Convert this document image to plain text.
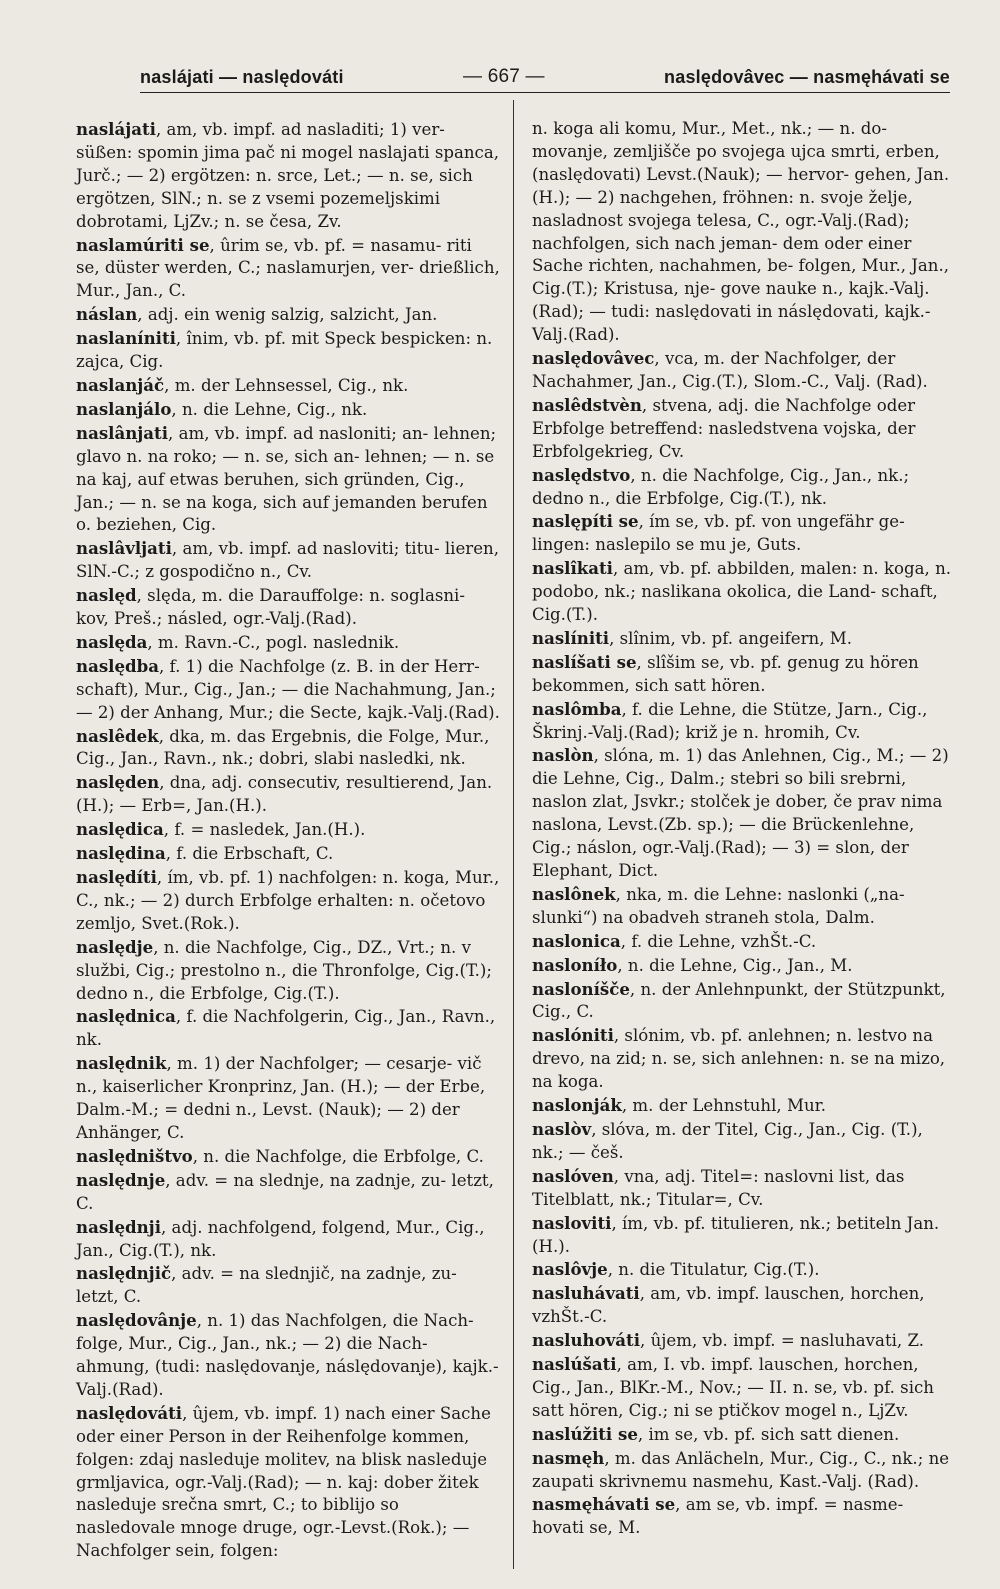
naslájati — naslędováti	— 667 —	naslędovâvec — nasmęhávati se

naslájati, am, vb. impf. ad nasladiti; 1) ver- süßen: spomin jima pač ni mogel naslajati spanca, Jurč.; — 2) ergötzen: n. srce, Let.; — n. se, sich ergötzen, SlN.; n. se z vsemi pozemeljskimi dobrotami, LjZv.; n. se česa, Zv.

naslamúriti se, ûrim se, vb. pf. = nasamu- riti se, düster werden, C.; naslamurjen, ver- drießlich, Mur., Jan., C.

náslan, adj. ein wenig salzig, salzicht, Jan.

naslaníniti, înim, vb. pf. mit Speck bespicken: n. zajca, Cig.

naslanjáč, m. der Lehnsessel, Cig., nk.

naslanjálo, n. die Lehne, Cig., nk.

naslânjati, am, vb. impf. ad nasloniti; an- lehnen; glavo n. na roko; — n. se, sich an- lehnen; — n. se na kaj, auf etwas beruhen, sich gründen, Cig., Jan.; — n. se na koga, sich auf jemanden berufen o. beziehen, Cig.

naslâvljati, am, vb. impf. ad nasloviti; titu- lieren, SlN.-C.; z gospodično n., Cv.

naslęd, slęda, m. die Darauffolge: n. soglasni- kov, Preš.; násled, ogr.-Valj.(Rad).

naslęda, m. Ravn.-C., pogl. naslednik.

naslędba, f. 1) die Nachfolge (z. B. in der Herr- schaft), Mur., Cig., Jan.; — die Nachahmung, Jan.; — 2) der Anhang, Mur.; die Secte, kajk.-Valj.(Rad).

naslêdek, dka, m. das Ergebnis, die Folge, Mur., Cig., Jan., Ravn., nk.; dobri, slabi nasledki, nk.

naslęden, dna, adj. consecutiv, resultierend, Jan.(H.); — Erb=, Jan.(H.).

naslędica, f. = nasledek, Jan.(H.).

naslędina, f. die Erbschaft, C.

naslędíti, ím, vb. pf. 1) nachfolgen: n. koga, Mur., C., nk.; — 2) durch Erbfolge erhalten: n. očetovo zemljo, Svet.(Rok.).

naslędje, n. die Nachfolge, Cig., DZ., Vrt.; n. v službi, Cig.; prestolno n., die Thronfolge, Cig.(T.); dedno n., die Erbfolge, Cig.(T.).

naslędnica, f. die Nachfolgerin, Cig., Jan., Ravn., nk.

naslędnik, m. 1) der Nachfolger; — cesarje- vič n., kaiserlicher Kronprinz, Jan. (H.); — der Erbe, Dalm.-M.; = dedni n., Levst. (Nauk); — 2) der Anhänger, C.

naslędništvo, n. die Nachfolge, die Erbfolge, C.

naslędnje, adv. = na slednje, na zadnje, zu- letzt, C.

naslędnji, adj. nachfolgend, folgend, Mur., Cig., Jan., Cig.(T.), nk.

naslędnjič, adv. = na slednjič, na zadnje, zu- letzt, C.

naslędovânje, n. 1) das Nachfolgen, die Nach- folge, Mur., Cig., Jan., nk.; — 2) die Nach- ahmung, (tudi: naslędovanje, náslędovanje), kajk.-Valj.(Rad).

naslędováti, ûjem, vb. impf. 1) nach einer Sache oder einer Person in der Reihenfolge kommen, folgen: zdaj nasleduje molitev, na blisk nasleduje grmljavica, ogr.-Valj.(Rad); — n. kaj: dober žitek nasleduje srečna smrt, C.; to biblijo so nasledovale mnoge druge, ogr.-Levst.(Rok.); — Nachfolger sein, folgen:

n. koga ali komu, Mur., Met., nk.; — n. do- movanje, zemljišče po svojega ujca smrti, erben, (naslędovati) Levst.(Nauk); — hervor- gehen, Jan.(H.); — 2) nachgehen, fröhnen: n. svoje želje, nasladnost svojega telesa, C., ogr.-Valj.(Rad); nachfolgen, sich nach jeman- dem oder einer Sache richten, nachahmen, be- folgen, Mur., Jan., Cig.(T.); Kristusa, nje- gove nauke n., kajk.-Valj.(Rad); — tudi: naslędovati in náslędovati, kajk.-Valj.(Rad).

naslędovâvec, vca, m. der Nachfolger, der Nachahmer, Jan., Cig.(T.), Slom.-C., Valj. (Rad).

naslêdstvèn, stvena, adj. die Nachfolge oder Erbfolge betreffend: nasledstvena vojska, der Erbfolgekrieg, Cv.

naslędstvo, n. die Nachfolge, Cig., Jan., nk.; dedno n., die Erbfolge, Cig.(T.), nk.

naslępíti se, ím se, vb. pf. von ungefähr ge- lingen: naslepilo se mu je, Guts.

naslîkati, am, vb. pf. abbilden, malen: n. koga, n. podobo, nk.; naslikana okolica, die Land- schaft, Cig.(T.).

naslíniti, slînim, vb. pf. angeifern, M.

naslíšati se, slîšim se, vb. pf. genug zu hören bekommen, sich satt hören.

naslômba, f. die Lehne, die Stütze, Jarn., Cig., Škrinj.-Valj.(Rad); križ je n. hromih, Cv.

naslòn, slóna, m. 1) das Anlehnen, Cig., M.; — 2) die Lehne, Cig., Dalm.; stebri so bili srebrni, naslon zlat, Jsvkr.; stolček je dober, če prav nima naslona, Levst.(Zb. sp.); — die Brückenlehne, Cig.; náslon, ogr.-Valj.(Rad); — 3) = slon, der Elephant, Dict.

naslônek, nka, m. die Lehne: naslonki („na- slunki“) na obadveh straneh stola, Dalm.

naslonica, f. die Lehne, vzhŠt.-C.

nasloníło, n. die Lehne, Cig., Jan., M.

nasloníšče, n. der Anlehnpunkt, der Stützpunkt, Cig., C.

naslóniti, slónim, vb. pf. anlehnen; n. lestvo na drevo, na zid; n. se, sich anlehnen: n. se na mizo, na koga.

naslonják, m. der Lehnstuhl, Mur.

naslòv, slóva, m. der Titel, Cig., Jan., Cig. (T.), nk.; — češ.

naslóven, vna, adj. Titel=: naslovni list, das Titelblatt, nk.; Titular=, Cv.

nasloviti, ím, vb. pf. titulieren, nk.; betiteln Jan.(H.).

naslôvje, n. die Titulatur, Cig.(T.).

nasluhávati, am, vb. impf. lauschen, horchen, vzhŠt.-C.

nasluhováti, ûjem, vb. impf. = nasluhavati, Z.

naslúšati, am, I. vb. impf. lauschen, horchen, Cig., Jan., BlKr.-M., Nov.; — II. n. se, vb. pf. sich satt hören, Cig.; ni se ptičkov mogel n., LjZv.

naslúžiti se, im se, vb. pf. sich satt dienen.

nasmęh, m. das Anlächeln, Mur., Cig., C., nk.; ne zaupati skrivnemu nasmehu, Kast.-Valj. (Rad).

nasmęhávati se, am se, vb. impf. = nasme- hovati se, M.
